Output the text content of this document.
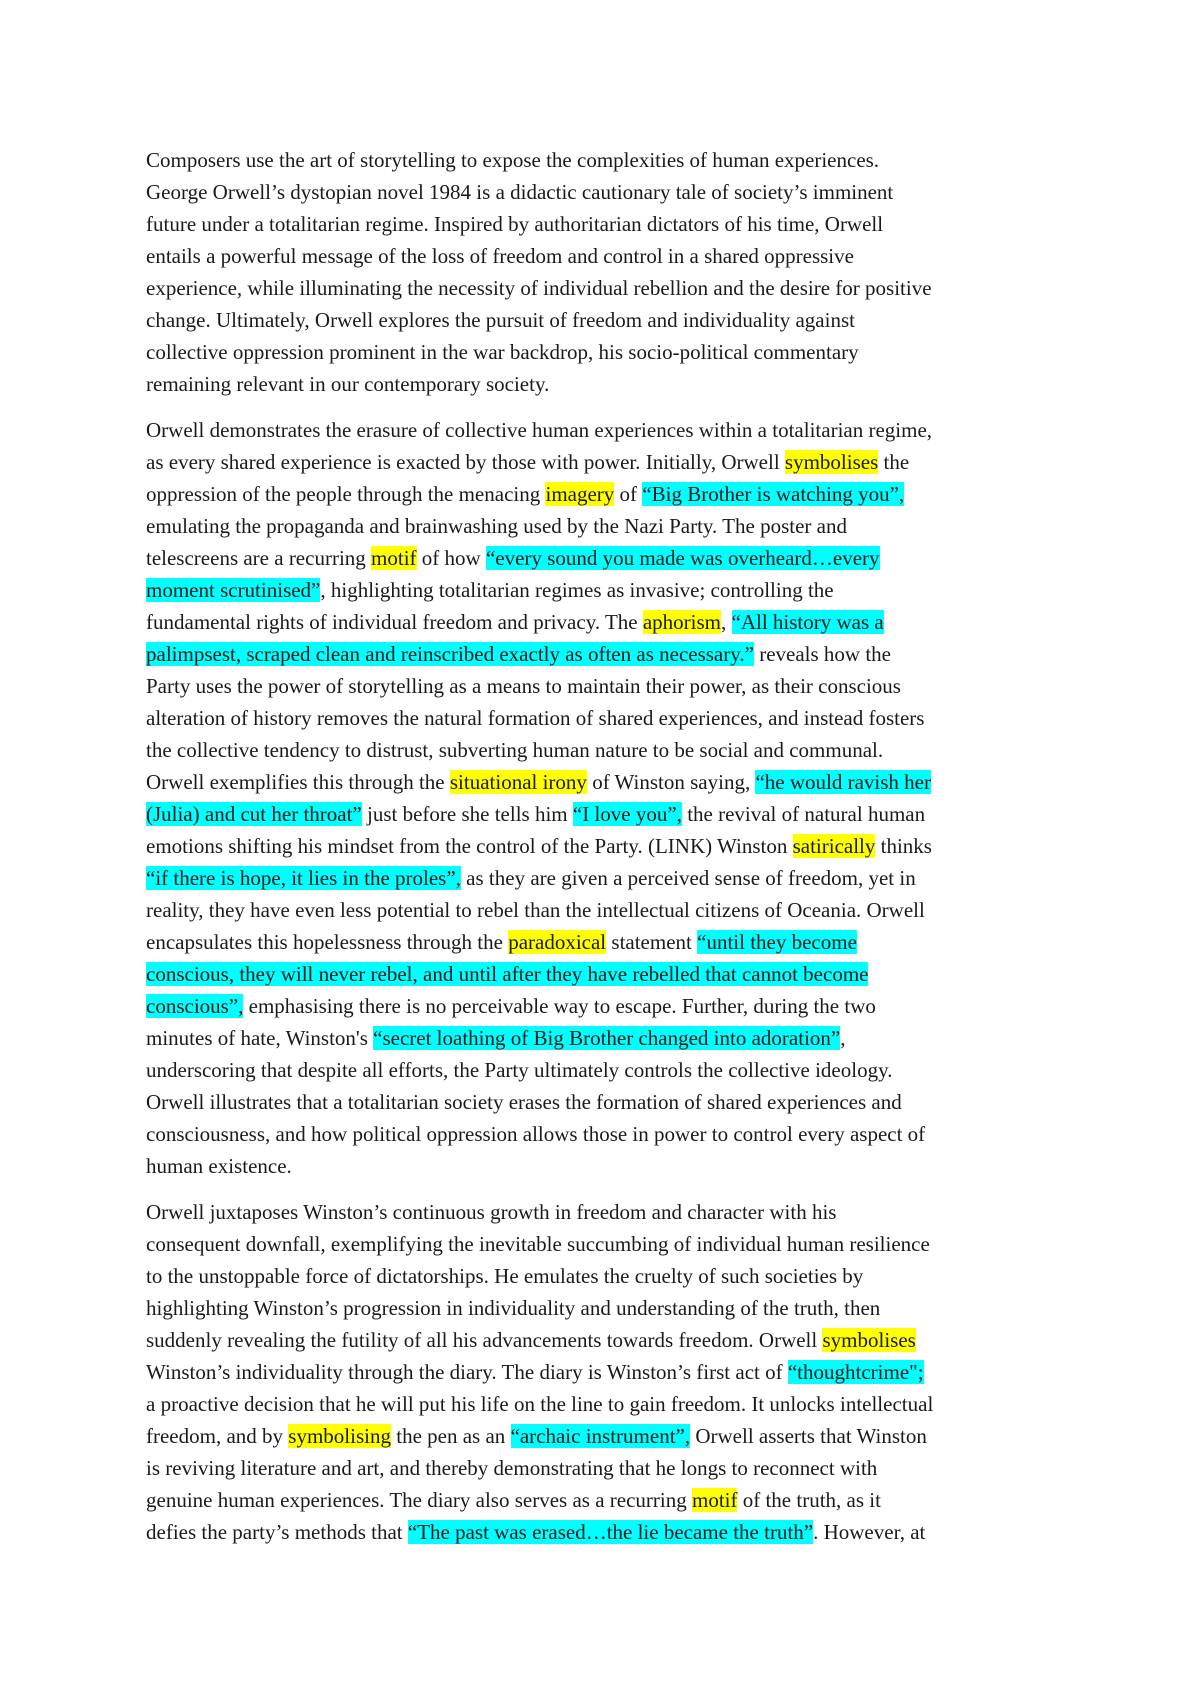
Composers use the art of storytelling to expose the complexities of human experiences.
George Orwell’s dystopian novel 1984 is a didactic cautionary tale of society’s imminent
future under a totalitarian regime. Inspired by authoritarian dictators of his time, Orwell
entails a powerful message of the loss of freedom and control in a shared oppressive
experience, while illuminating the necessity of individual rebellion and the desire for positive
change. Ultimately, Orwell explores the pursuit of freedom and individuality against
collective oppression prominent in the war backdrop, his socio-political commentary
remaining relevant in our contemporary society.

Orwell demonstrates the erasure of collective human experiences within a totalitarian regime,
as every shared experience is exacted by those with power. Initially, Orwell symbolises the
oppression of the people through the menacing imagery of “Big Brother is watching you”,
emulating the propaganda and brainwashing used by the Nazi Party. The poster and
telescreens are a recurring motif of how “every sound you made was overheard…every
moment scrutinised”, highlighting totalitarian regimes as invasive; controlling the
fundamental rights of individual freedom and privacy. The aphorism, “All history was a
palimpsest, scraped clean and reinscribed exactly as often as necessary.” reveals how the
Party uses the power of storytelling as a means to maintain their power, as their conscious
alteration of history removes the natural formation of shared experiences, and instead fosters
the collective tendency to distrust, subverting human nature to be social and communal.
Orwell exemplifies this through the situational irony of Winston saying, “he would ravish her
(Julia) and cut her throat” just before she tells him “I love you”, the revival of natural human
emotions shifting his mindset from the control of the Party. (LINK) Winston satirically thinks
“if there is hope, it lies in the proles”, as they are given a perceived sense of freedom, yet in
reality, they have even less potential to rebel than the intellectual citizens of Oceania. Orwell
encapsulates this hopelessness through the paradoxical statement “until they become
conscious, they will never rebel, and until after they have rebelled that cannot become
conscious”, emphasising there is no perceivable way to escape. Further, during the two
minutes of hate, Winston's “secret loathing of Big Brother changed into adoration”,
underscoring that despite all efforts, the Party ultimately controls the collective ideology.
Orwell illustrates that a totalitarian society erases the formation of shared experiences and
consciousness, and how political oppression allows those in power to control every aspect of
human existence.

Orwell juxtaposes Winston’s continuous growth in freedom and character with his
consequent downfall, exemplifying the inevitable succumbing of individual human resilience
to the unstoppable force of dictatorships. He emulates the cruelty of such societies by
highlighting Winston’s progression in individuality and understanding of the truth, then
suddenly revealing the futility of all his advancements towards freedom. Orwell symbolises
Winston’s individuality through the diary. The diary is Winston’s first act of “thoughtcrime";
a proactive decision that he will put his life on the line to gain freedom. It unlocks intellectual
freedom, and by symbolising the pen as an “archaic instrument”, Orwell asserts that Winston
is reviving literature and art, and thereby demonstrating that he longs to reconnect with
genuine human experiences. The diary also serves as a recurring motif of the truth, as it
defies the party’s methods that “The past was erased…the lie became the truth”. However, at
